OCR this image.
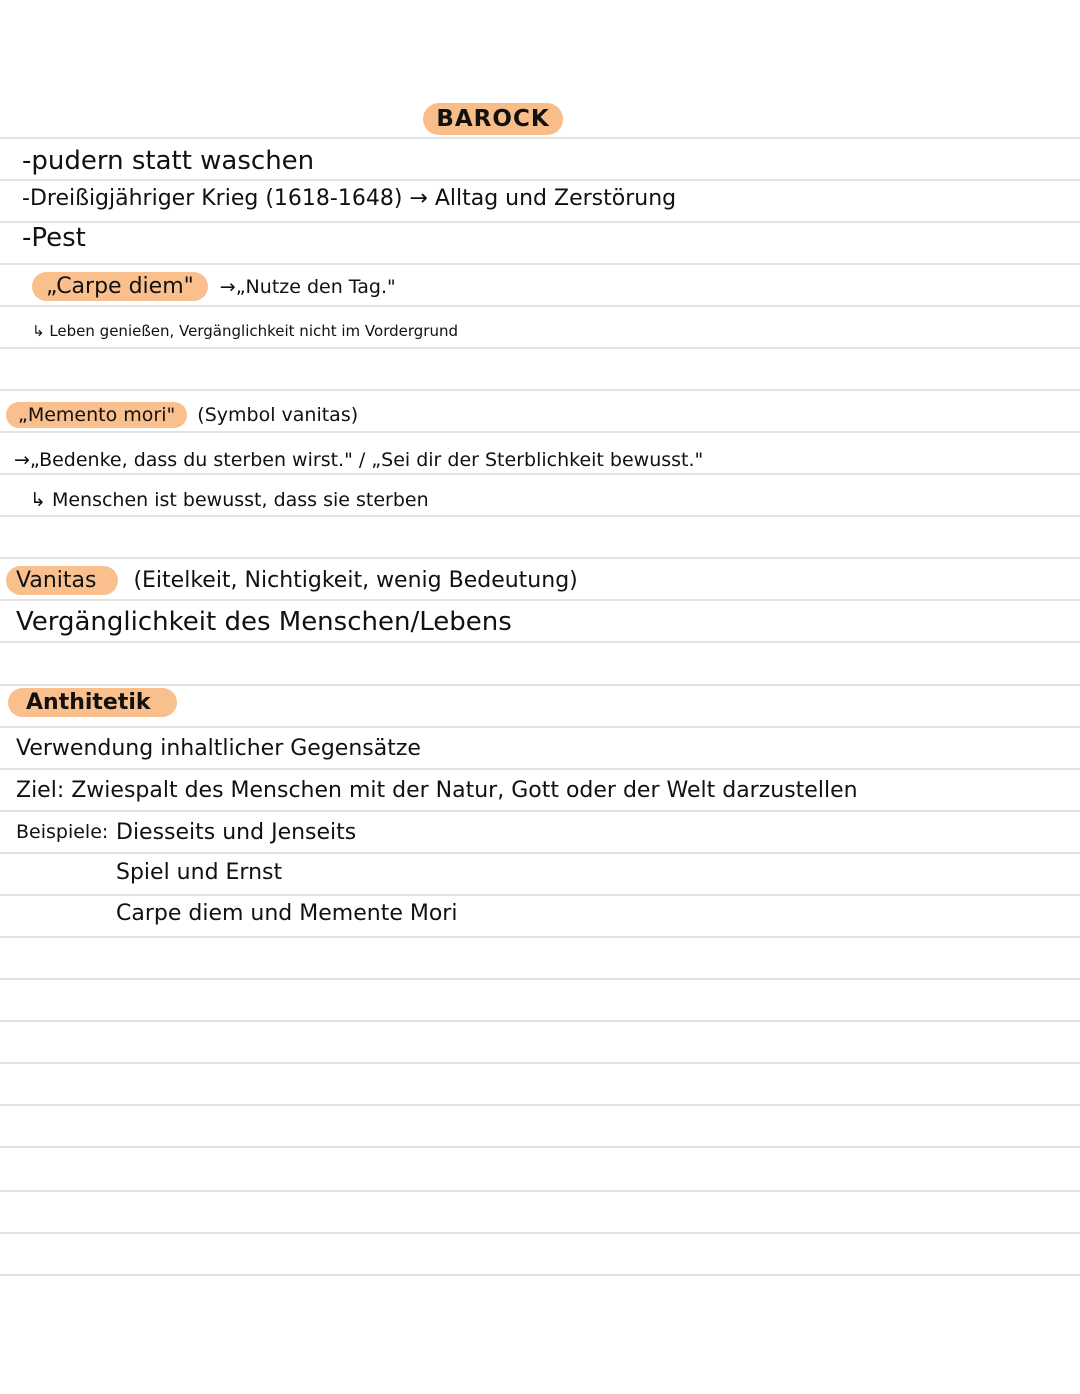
BAROCK
-pudern statt waschen
-Dreißigjähriger Krieg (1618-1648) → Alltag und Zerstörung
-Pest
„Carpe diem" →„Nutze den Tag."
↳ Leben genießen, Vergänglichkeit nicht im Vordergrund
„Memento mori" (Symbol vanitas)
→„Bedenke, dass du sterben wirst." / „Sei dir der Sterblichkeit bewusst."
↳ Menschen ist bewusst, dass sie sterben
Vanitas (Eitelkeit, Nichtigkeit, wenig Bedeutung)
Vergänglichkeit des Menschen/Lebens
Anthitetik
Verwendung inhaltlicher Gegensätze
Ziel: Zwiespalt des Menschen mit der Natur, Gott oder der Welt darzustellen
Beispiele: Diesseits und Jenseits
Spiel und Ernst
Carpe diem und Memente Mori
